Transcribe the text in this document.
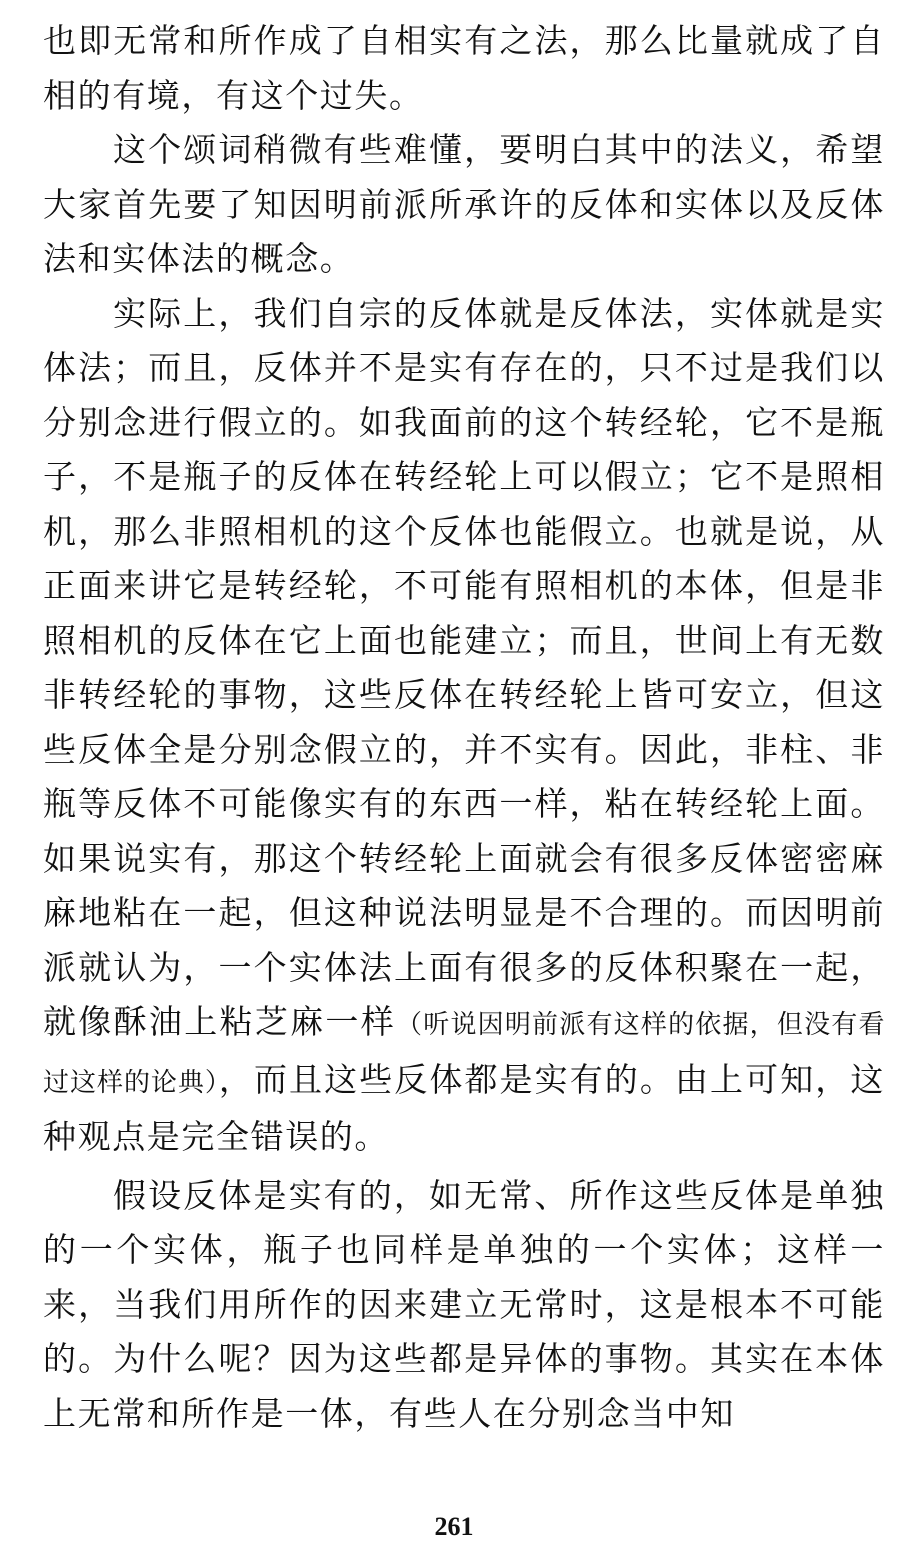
也即无常和所作成了自相实有之法，那么比量就成了自相的有境，有这个过失。

这个颂词稍微有些难懂，要明白其中的法义，希望大家首先要了知因明前派所承许的反体和实体以及反体法和实体法的概念。

实际上，我们自宗的反体就是反体法，实体就是实体法；而且，反体并不是实有存在的，只不过是我们以分别念进行假立的。如我面前的这个转经轮，它不是瓶子，不是瓶子的反体在转经轮上可以假立；它不是照相机，那么非照相机的这个反体也能假立。也就是说，从正面来讲它是转经轮，不可能有照相机的本体，但是非照相机的反体在它上面也能建立；而且，世间上有无数非转经轮的事物，这些反体在转经轮上皆可安立，但这些反体全是分别念假立的，并不实有。因此，非柱、非瓶等反体不可能像实有的东西一样，粘在转经轮上面。如果说实有，那这个转经轮上面就会有很多反体密密麻麻地粘在一起，但这种说法明显是不合理的。而因明前派就认为，一个实体法上面有很多的反体积聚在一起，就像酥油上粘芝麻一样（听说因明前派有这样的依据，但没有看过这样的论典），而且这些反体都是实有的。由上可知，这种观点是完全错误的。

假设反体是实有的，如无常、所作这些反体是单独的一个实体，瓶子也同样是单独的一个实体；这样一来，当我们用所作的因来建立无常时，这是根本不可能的。为什么呢？因为这些都是异体的事物。其实在本体上无常和所作是一体，有些人在分别念当中知

261
